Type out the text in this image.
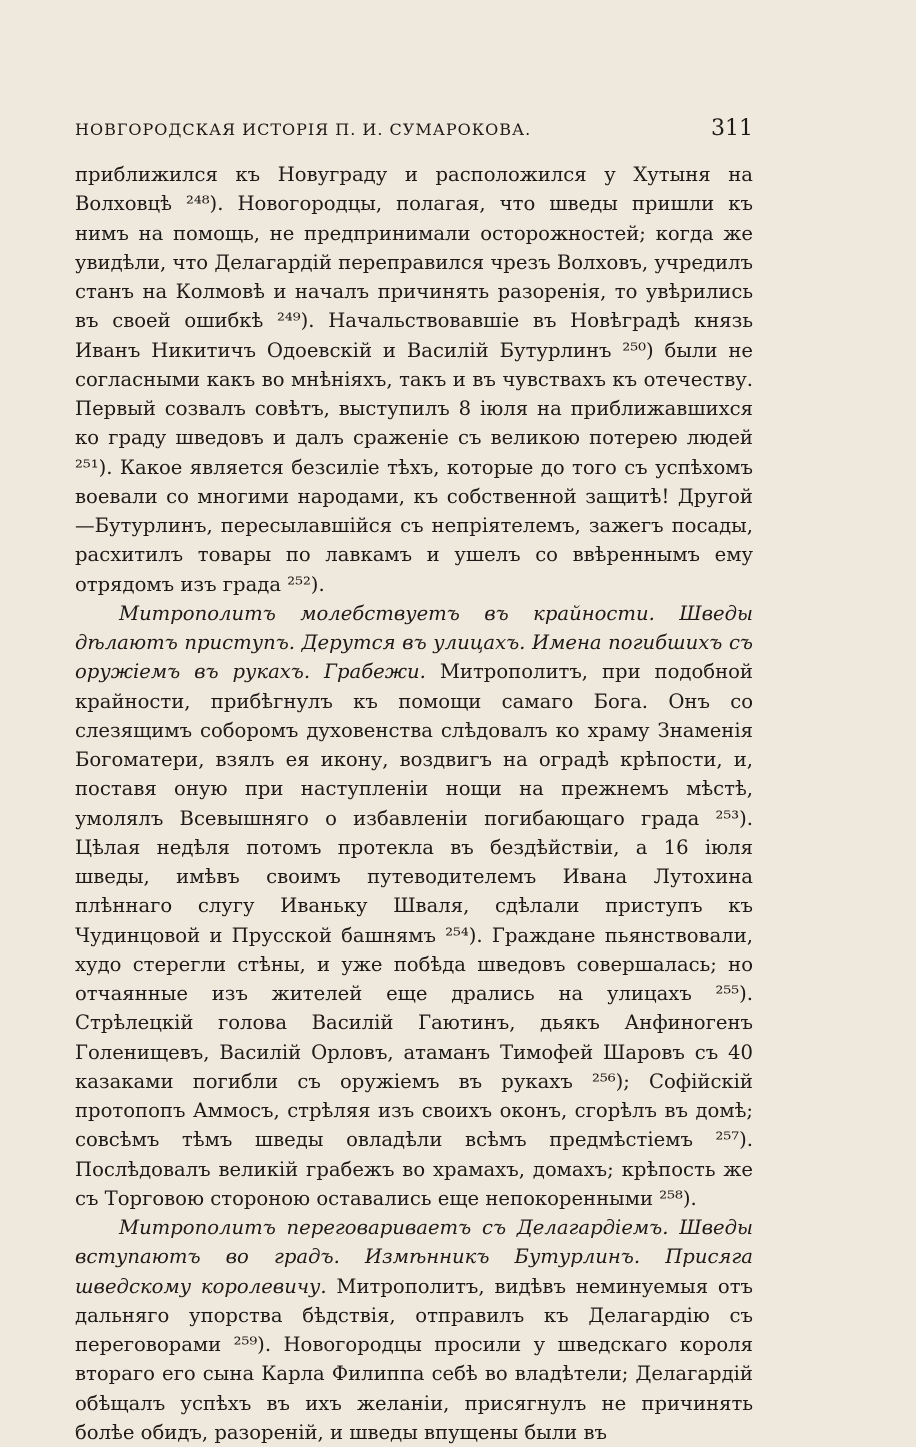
НОВГОРОДСКАЯ ИСТОРІЯ П. И. СУМАРОКОВА.	311

приближился къ Новуграду и расположился у Хутыня на Волховцѣ ²⁴⁸). Новогородцы, полагая, что шведы пришли къ нимъ на помощь, не предпринимали осторожностей; когда же увидѣли, что Делагардій переправился чрезъ Волховъ, учредилъ станъ на Колмовѣ и началъ причинять разоренія, то увѣрились въ своей ошибкѣ ²⁴⁹). Начальствовавшіе въ Новѣградѣ князь Иванъ Никитичъ Одоевскій и Василій Бутурлинъ ²⁵⁰) были не согласными какъ во мнѣніяхъ, такъ и въ чувствахъ къ отечеству. Первый созвалъ совѣтъ, выступилъ 8 іюля на приближавшихся ко граду шведовъ и далъ сраженіе съ великою потерею людей ²⁵¹). Какое является безсиліе тѣхъ, которые до того съ успѣхомъ воевали со многими народами, къ собственной защитѣ! Другой—Бутурлинъ, пересылавшійся съ непріятелемъ, зажегъ посады, расхитилъ товары по лавкамъ и ушелъ со ввѣреннымъ ему отрядомъ изъ града ²⁵²).

Митрополитъ молебствуетъ въ крайности. Шведы дѣлаютъ приступъ. Дерутся въ улицахъ. Имена погибшихъ съ оружіемъ въ рукахъ. Грабежи. Митрополитъ, при подобной крайности, прибѣгнулъ къ помощи самаго Бога. Онъ со слезящимъ соборомъ духовенства слѣдовалъ ко храму Знаменія Богоматери, взялъ ея икону, воздвигъ на оградѣ крѣпости, и, поставя оную при наступленіи нощи на прежнемъ мѣстѣ, умолялъ Всевышняго о избавленіи погибающаго града ²⁵³). Цѣлая недѣля потомъ протекла въ бездѣйствіи, а 16 іюля шведы, имѣвъ своимъ путеводителемъ Ивана Лутохина плѣннаго слугу Иваньку Шваля, сдѣлали приступъ къ Чудинцовой и Прусской башнямъ ²⁵⁴). Граждане пьянствовали, худо стерегли стѣны, и уже побѣда шведовъ совершалась; но отчаянные изъ жителей еще дрались на улицахъ ²⁵⁵). Стрѣлецкій голова Василій Гаютинъ, дьякъ Анфиногенъ Голенищевъ, Василій Орловъ, атаманъ Тимофей Шаровъ съ 40 казаками погибли съ оружіемъ въ рукахъ ²⁵⁶); Софійскій протопопъ Аммосъ, стрѣляя изъ своихъ оконъ, сгорѣлъ въ домѣ; совсѣмъ тѣмъ шведы овладѣли всѣмъ предмѣстіемъ ²⁵⁷). Послѣдовалъ великій грабежъ во храмахъ, домахъ; крѣпость же съ Торговою стороною оставались еще непокоренными ²⁵⁸).

Митрополитъ переговариваетъ съ Делагардіемъ. Шведы вступаютъ во градъ. Измѣнникъ Бутурлинъ. Присяга шведскому королевичу. Митрополитъ, видѣвъ неминуемыя отъ дальняго упорства бѣдствія, отправилъ къ Делагардію съ переговорами ²⁵⁹). Новогородцы просили у шведскаго короля втораго его сына Карла Филиппа себѣ во владѣтели; Делагардій обѣщалъ успѣхъ въ ихъ желаніи, присягнулъ не причинять болѣе обидъ, разореній, и шведы впущены были въ
